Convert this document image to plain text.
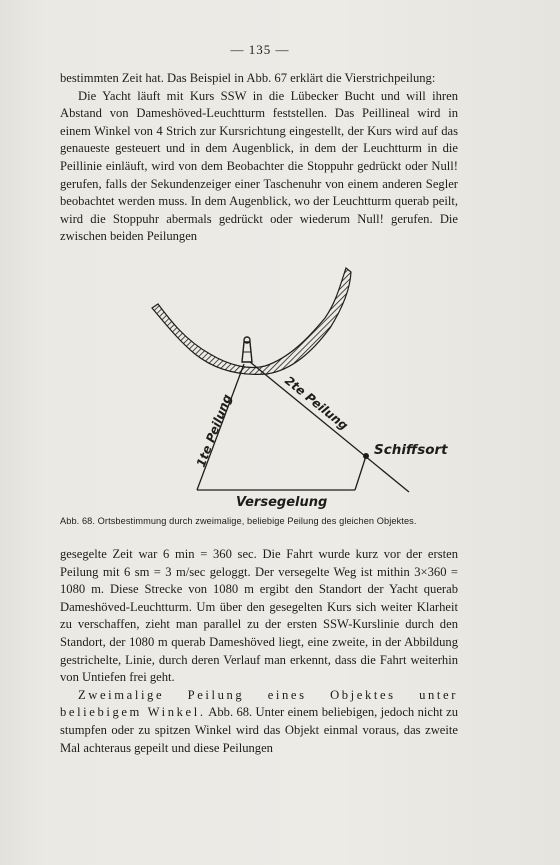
— 135 —

bestimmten Zeit hat. Das Beispiel in Abb. 67 erklärt die Vierstrichpeilung:

Die Yacht läuft mit Kurs SSW in die Lübecker Bucht und will ihren Abstand von Dameshöved-Leuchtturm feststellen. Das Peillineal wird in einem Winkel von 4 Strich zur Kursrichtung eingestellt, der Kurs wird auf das genaueste gesteuert und in dem Augenblick, in dem der Leuchtturm in die Peillinie einläuft, wird von dem Beobachter die Stoppuhr gedrückt oder Null! gerufen, falls der Sekundenzeiger einer Taschenuhr von einem anderen Segler beobachtet werden muss. In dem Augenblick, wo der Leuchtturm querab peilt, wird die Stoppuhr abermals gedrückt oder wiederum Null! gerufen. Die zwischen beiden Peilungen

1te Peilung	2te Peilung
Schiffsort
Versegelung
Abb. 68. Ortsbestimmung durch zweimalige, beliebige Peilung des gleichen Objektes.

gesegelte Zeit war 6 min = 360 sec. Die Fahrt wurde kurz vor der ersten Peilung mit 6 sm = 3 m/sec geloggt. Der versegelte Weg ist mithin 3×360 = 1080 m. Diese Strecke von 1080 m ergibt den Standort der Yacht querab Dameshöved-Leuchtturm. Um über den gesegelten Kurs sich weiter Klarheit zu verschaffen, zieht man parallel zu der ersten SSW-Kurslinie durch den Standort, der 1080 m querab Dameshöved liegt, eine zweite, in der Abbildung gestrichelte, Linie, durch deren Verlauf man erkennt, dass die Fahrt weiterhin von Untiefen frei geht.

Zweimalige Peilung eines Objektes unter beliebigem Winkel. Abb. 68. Unter einem beliebigen, jedoch nicht zu stumpfen oder zu spitzen Winkel wird das Objekt einmal voraus, das zweite Mal achteraus gepeilt und diese Peilungen
